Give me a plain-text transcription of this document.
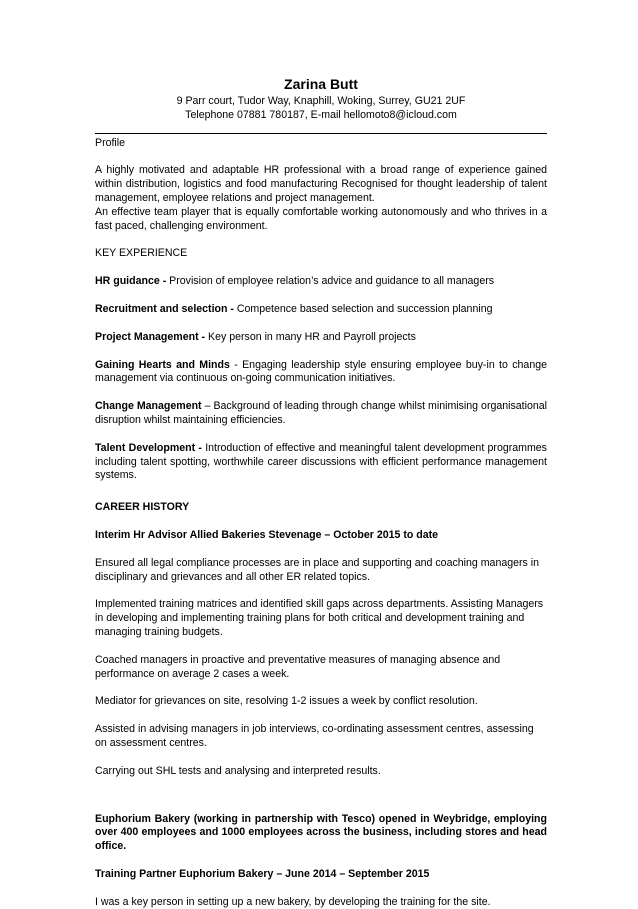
Zarina Butt

9 Parr court, Tudor Way, Knaphill, Woking, Surrey, GU21 2UF

Telephone 07881 780187, E-mail hellomoto8@icloud.com

Profile

A highly motivated and adaptable HR professional with a broad range of experience gained within distribution, logistics and food manufacturing Recognised for thought leadership of talent management, employee relations and project management.

An effective team player that is equally comfortable working autonomously and who thrives in a fast paced, challenging environment.

KEY EXPERIENCE

HR guidance - Provision of employee relation’s advice and guidance to all managers

Recruitment and selection - Competence based selection and succession planning

Project Management - Key person in many HR and Payroll projects

Gaining Hearts and Minds - Engaging leadership style ensuring employee buy-in to change management via continuous on-going communication initiatives.

Change Management – Background of leading through change whilst minimising organisational disruption whilst maintaining efficiencies.

Talent Development - Introduction of effective and meaningful talent development programmes including talent spotting, worthwhile career discussions with efficient performance management systems.

CAREER HISTORY

Interim Hr Advisor Allied Bakeries Stevenage – October 2015 to date

Ensured all legal compliance processes are in place and supporting and coaching managers in disciplinary and grievances and all other ER related topics.

Implemented training matrices and identified skill gaps across departments. Assisting Managers in developing and implementing training plans for both critical and development training and managing training budgets.

Coached managers in proactive and preventative measures of managing absence and performance on average 2 cases a week.

Mediator for grievances on site, resolving 1-2 issues a week by conflict resolution.

Assisted in advising managers in job interviews, co-ordinating assessment centres, assessing on assessment centres.

Carrying out SHL tests and analysing and interpreted results.

Euphorium Bakery (working in partnership with Tesco) opened in Weybridge, employing over 400 employees and 1000 employees across the business, including stores and head office.

Training Partner Euphorium Bakery – June 2014 – September 2015

I was a key person in setting up a new bakery, by developing the training for the site.
